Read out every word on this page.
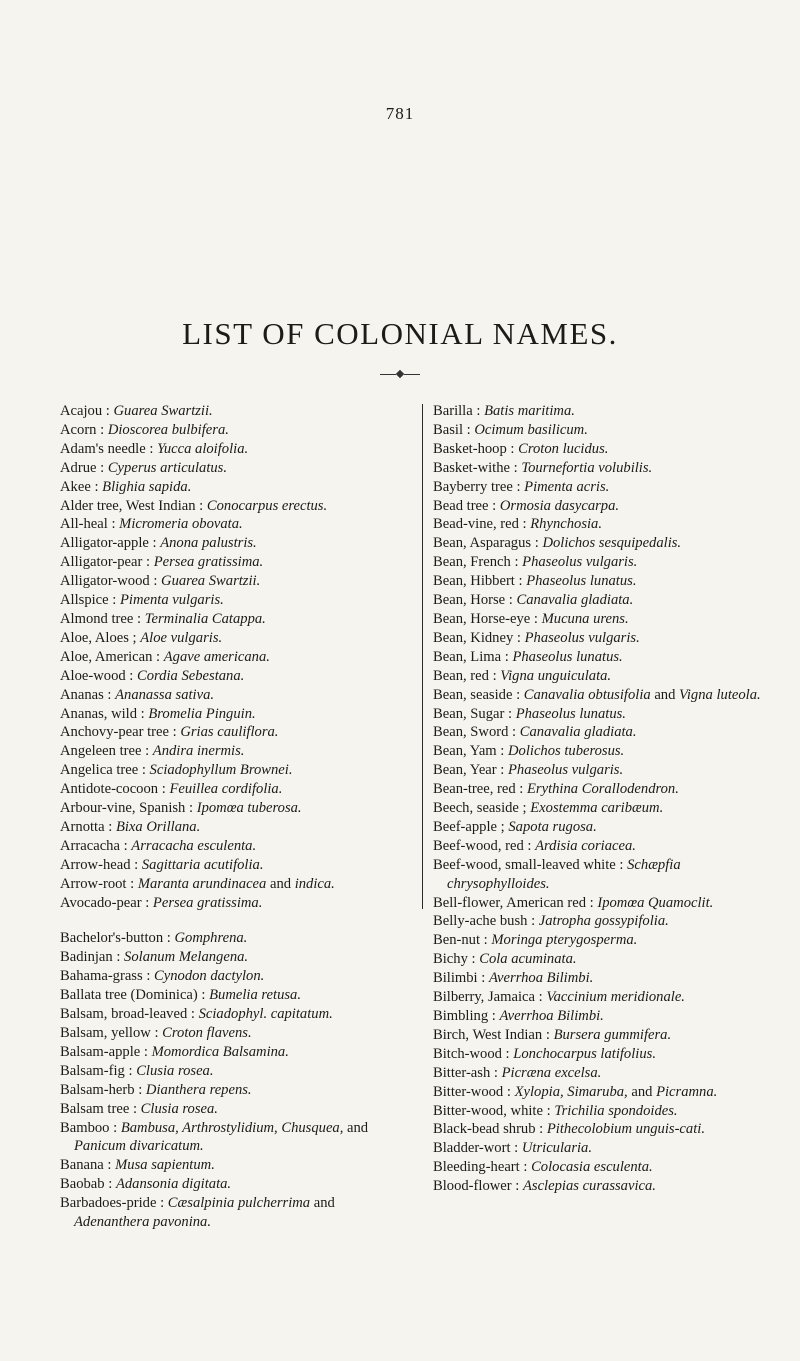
781
LIST OF COLONIAL NAMES.
Acajou : Guarea Swartzii.
Acorn : Dioscorea bulbifera.
Adam's needle : Yucca aloifolia.
Adrue : Cyperus articulatus.
Akee : Blighia sapida.
Alder tree, West Indian : Conocarpus erectus.
All-heal : Micromeria obovata.
Alligator-apple : Anona palustris.
Alligator-pear : Persea gratissima.
Alligator-wood : Guarea Swartzii.
Allspice : Pimenta vulgaris.
Almond tree : Terminalia Catappa.
Aloe, Aloes ; Aloe vulgaris.
Aloe, American : Agave americana.
Aloe-wood : Cordia Sebestana.
Ananas : Ananassa sativa.
Ananas, wild : Bromelia Pinguin.
Anchovy-pear tree : Grias cauliflora.
Angeleen tree : Andira inermis.
Angelica tree : Sciadophyllum Brownei.
Antidote-cocoon : Feuillea cordifolia.
Arbour-vine, Spanish : Ipomœa tuberosa.
Arnotta : Bixa Orillana.
Arracacha : Arracacha esculenta.
Arrow-head : Sagittaria acutifolia.
Arrow-root : Maranta arundinacea and indica.
Avocado-pear : Persea gratissima.
Bachelor's-button : Gomphrena.
Badinjan : Solanum Melangena.
Bahama-grass : Cynodon dactylon.
Ballata tree (Dominica) : Bumelia retusa.
Balsam, broad-leaved : Sciadophyl. capitatum.
Balsam, yellow : Croton flavens.
Balsam-apple : Momordica Balsamina.
Balsam-fig : Clusia rosea.
Balsam-herb : Dianthera repens.
Balsam tree : Clusia rosea.
Bamboo : Bambusa, Arthrostylidium, Chusquea, and Panicum divaricatum.
Banana : Musa sapientum.
Baobab : Adansonia digitata.
Barbadoes-pride : Cæsalpinia pulcherrima and Adenanthera pavonina.
Barilla : Batis maritima.
Basil : Ocimum basilicum.
Basket-hoop : Croton lucidus.
Basket-withe : Tournefortia volubilis.
Bayberry tree : Pimenta acris.
Bead tree : Ormosia dasycarpa.
Bead-vine, red : Rhynchosia.
Bean, Asparagus : Dolichos sesquipedalis.
Bean, French : Phaseolus vulgaris.
Bean, Hibbert : Phaseolus lunatus.
Bean, Horse : Canavalia gladiata.
Bean, Horse-eye : Mucuna urens.
Bean, Kidney : Phaseolus vulgaris.
Bean, Lima : Phaseolus lunatus.
Bean, red : Vigna unguiculata.
Bean, seaside : Canavalia obtusifolia and Vigna luteola.
Bean, Sugar : Phaseolus lunatus.
Bean, Sword : Canavalia gladiata.
Bean, Yam : Dolichos tuberosus.
Bean, Year : Phaseolus vulgaris.
Bean-tree, red : Erythina Corallodendron.
Beech, seaside ; Exostemma caribæum.
Beef-apple ; Sapota rugosa.
Beef-wood, red : Ardisia coriacea.
Beef-wood, small-leaved white : Schæpfia chrysophylloides.
Bell-flower, American red : Ipomœa Quamoclit.
Belly-ache bush : Jatropha gossypifolia.
Ben-nut : Moringa pterygosperma.
Bichy : Cola acuminata.
Bilimbi : Averrhoa Bilimbi.
Bilberry, Jamaica : Vaccinium meridionale.
Bimbling : Averrhoa Bilimbi.
Birch, West Indian : Bursera gummifera.
Bitch-wood : Lonchocarpus latifolius.
Bitter-ash : Picræna excelsa.
Bitter-wood : Xylopia, Simaruba, and Picramna.
Bitter-wood, white : Trichilia spondoides.
Black-bead shrub : Pithecolobium unguis-cati.
Bladder-wort : Utricularia.
Bleeding-heart : Colocasia esculenta.
Blood-flower : Asclepias curassavica.
